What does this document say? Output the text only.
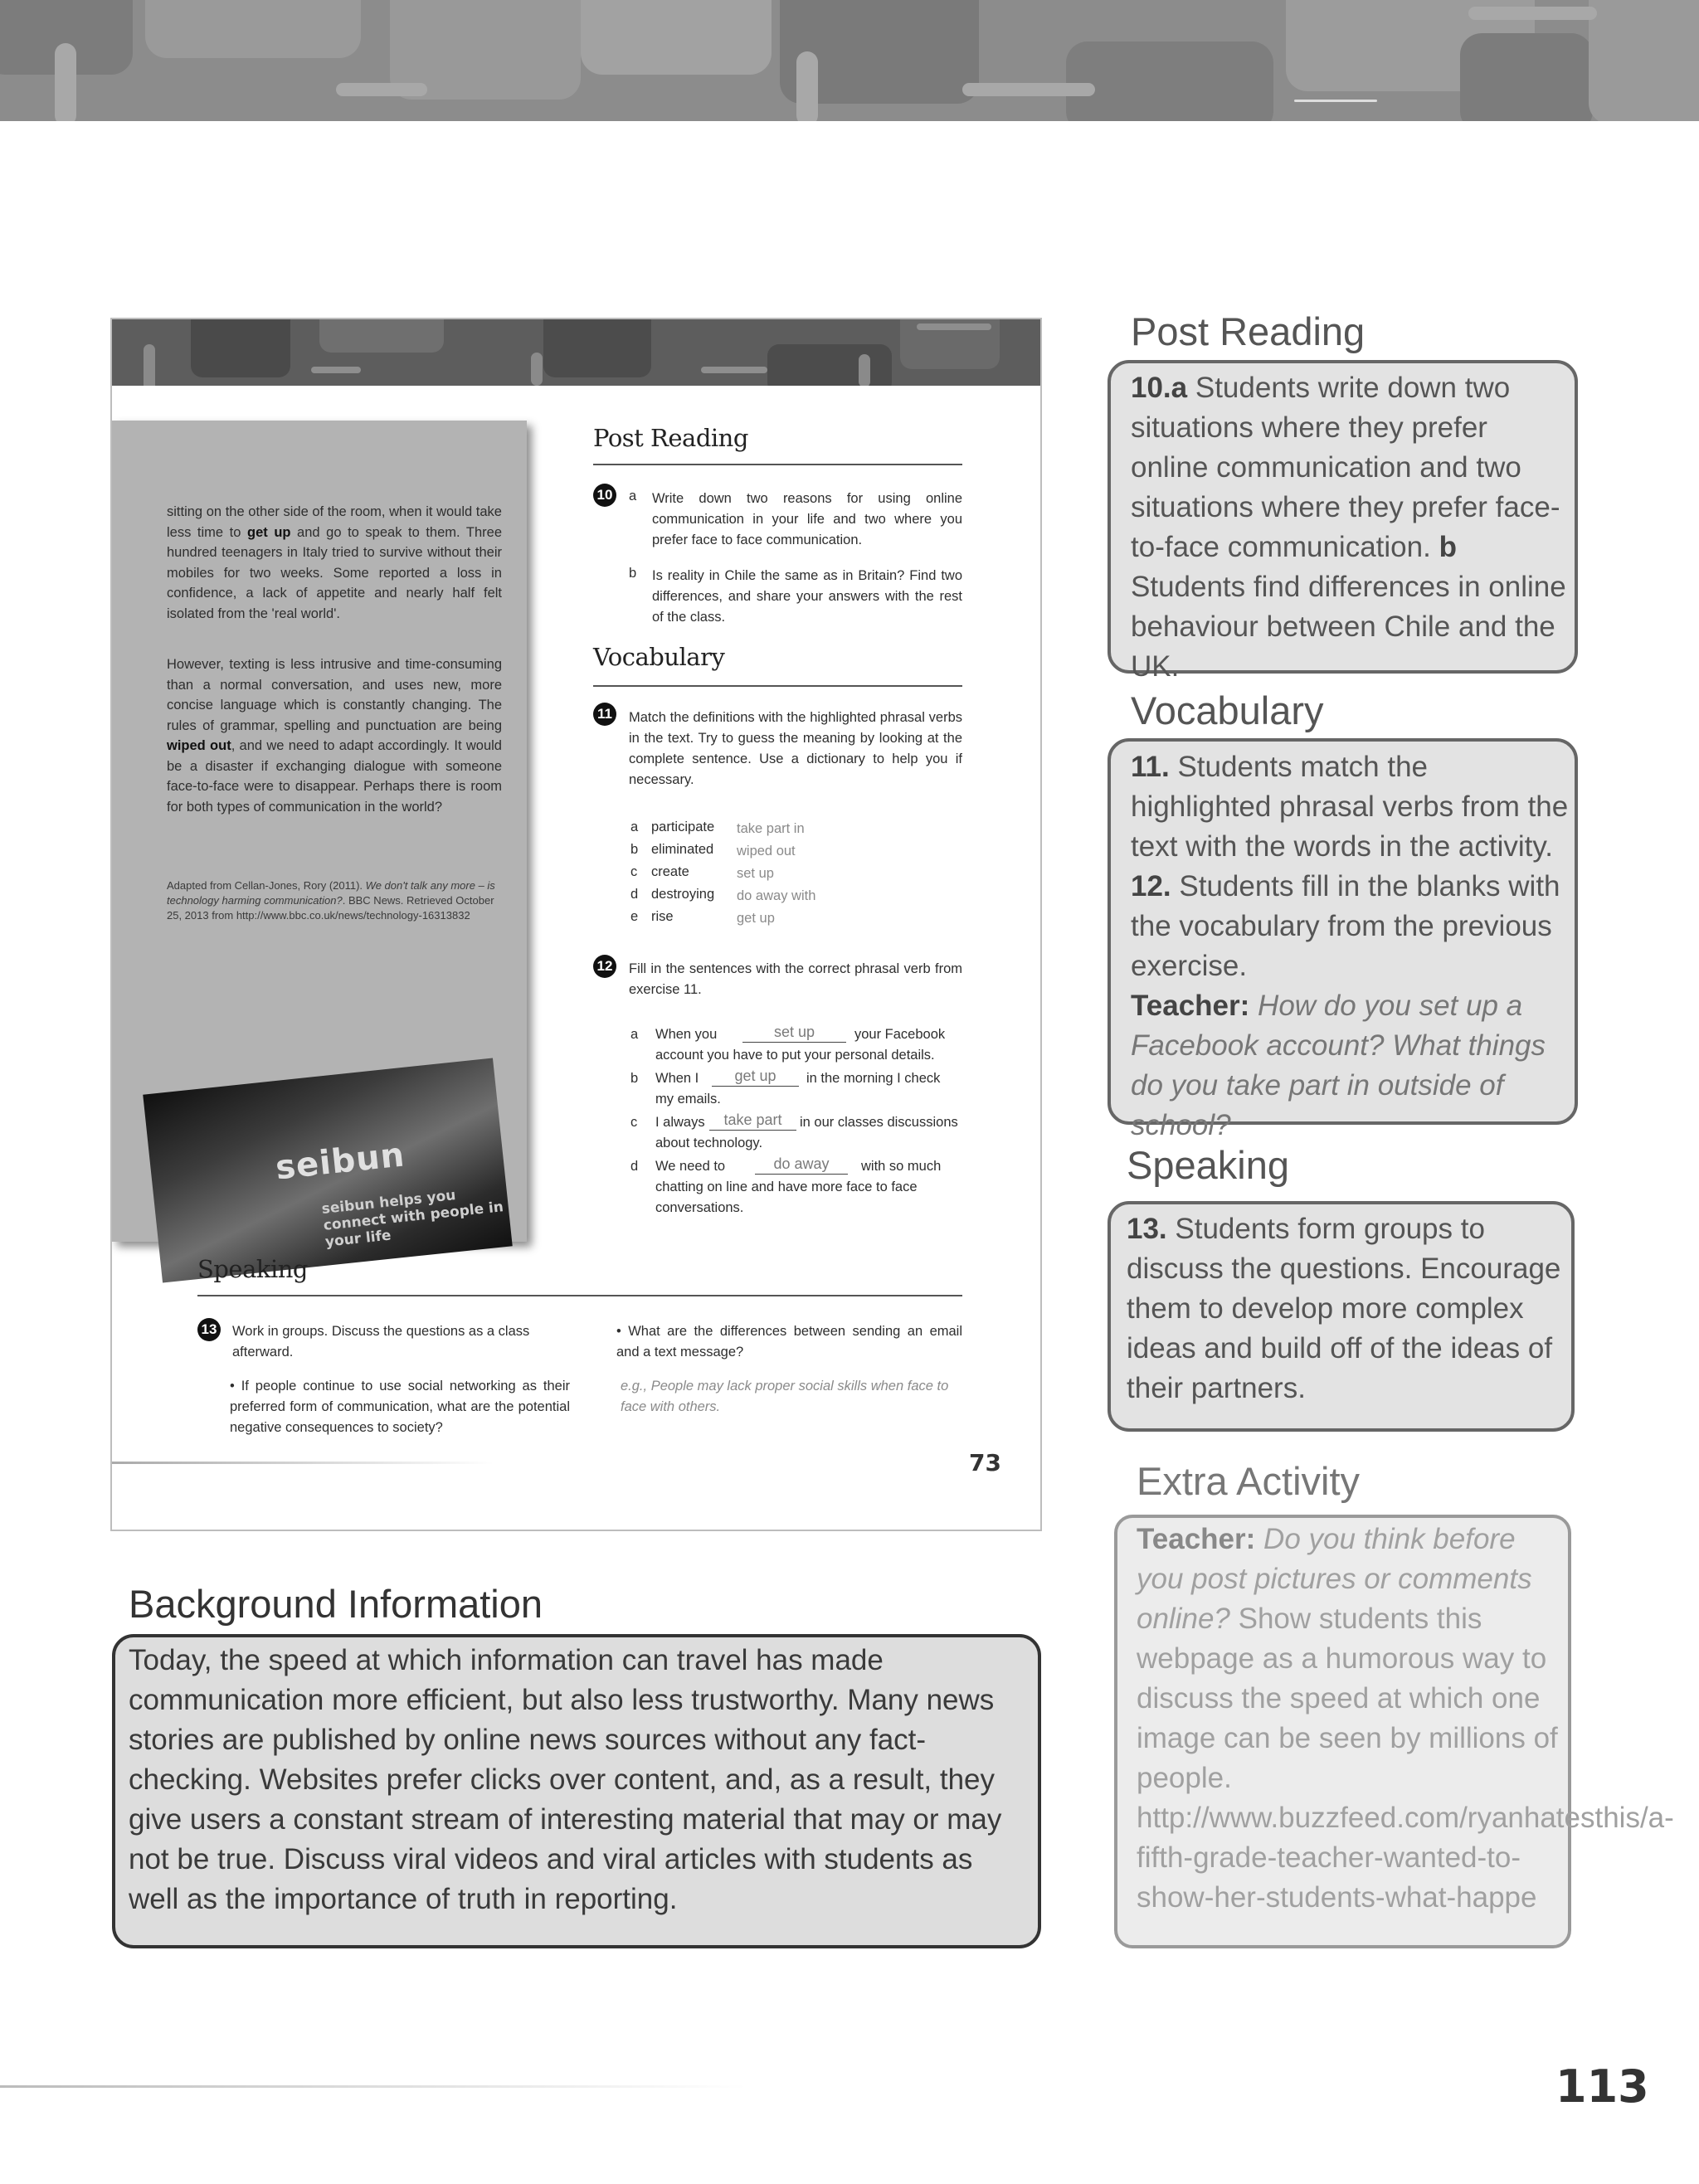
sitting on the other side of the room, when it would take less time to get up and go to speak to them. Three hundred teenagers in Italy tried to survive without their mobiles for two weeks. Some reported a loss in confidence, a lack of appetite and nearly half felt isolated from the 'real world'.
However, texting is less intrusive and time-consuming than a normal conversation, and uses new, more concise language which is constantly changing. The rules of grammar, spelling and punctuation are being wiped out, and we need to adapt accordingly. It would be a disaster if exchanging dialogue with someone face-to-face were to disappear. Perhaps there is room for both types of communication in the world?
Adapted from Cellan-Jones, Rory (2011). We don't talk any more – is technology harming communication?. BBC News. Retrieved October 25, 2013 from http://www.bbc.co.uk/news/technology-16313832
seibun
seibun helps you connect with people in your life
Post Reading
10 a Write down two reasons for using online communication in your life and two where you prefer face to face communication.
b Is reality in Chile the same as in Britain? Find two differences, and share your answers with the rest of the class.
Vocabulary
11	Match the definitions with the highlighted phrasal verbs in the text. Try to guess the meaning by looking at the complete sentence. Use a dictionary to help you if necessary.
a participate take part in
b eliminated wiped out
c create	set up
d destroying do away with
e rise	get up
12 Fill in the sentences with the correct phrasal verb from exercise 11.
a When you	set up	your Facebook
account you have to put your personal details.
b When I	get up	in the morning I check
my emails.
c I always	take part	in our classes discussions
about technology.
d We need to	do away	with so much
chatting on line and have more face to face
conversations.
Speaking
13 Work in groups. Discuss the questions as a class afterward.
• If people continue to use social networking as their preferred form of communication, what are the potential negative consequences to society?
• What are the differences between sending an email and a text message?
e.g., People may lack proper social skills when face to face with others.
73
Post Reading
10.a Students write down two situations where they prefer online communication and two situations where they prefer face-to-face communication. b Students find differences in online behaviour between Chile and the UK.
Vocabulary
11. Students match the highlighted phrasal verbs from the text with the words in the activity.
12. Students fill in the blanks with the vocabulary from the previous exercise.
Teacher: How do you set up a Facebook account? What things do you take part in outside of school?
Speaking
13. Students form groups to discuss the questions. Encourage them to develop more complex ideas and build off of the ideas of their partners.
Extra Activity
Teacher: Do you think before you post pictures or comments online? Show students this webpage as a humorous way to discuss the speed at which one image can be seen by millions of people. http://www.buzzfeed.com/ryanhatesthis/a-fifth-grade-teacher-wanted-to-show-her-students-what-happe
Background Information
Today, the speed at which information can travel has made communication more efficient, but also less trustworthy. Many news stories are published by online news sources without any fact-checking. Websites prefer clicks over content, and, as a result, they give users a constant stream of interesting material that may or may not be true. Discuss viral videos and viral articles with students as well as the importance of truth in reporting.
113
